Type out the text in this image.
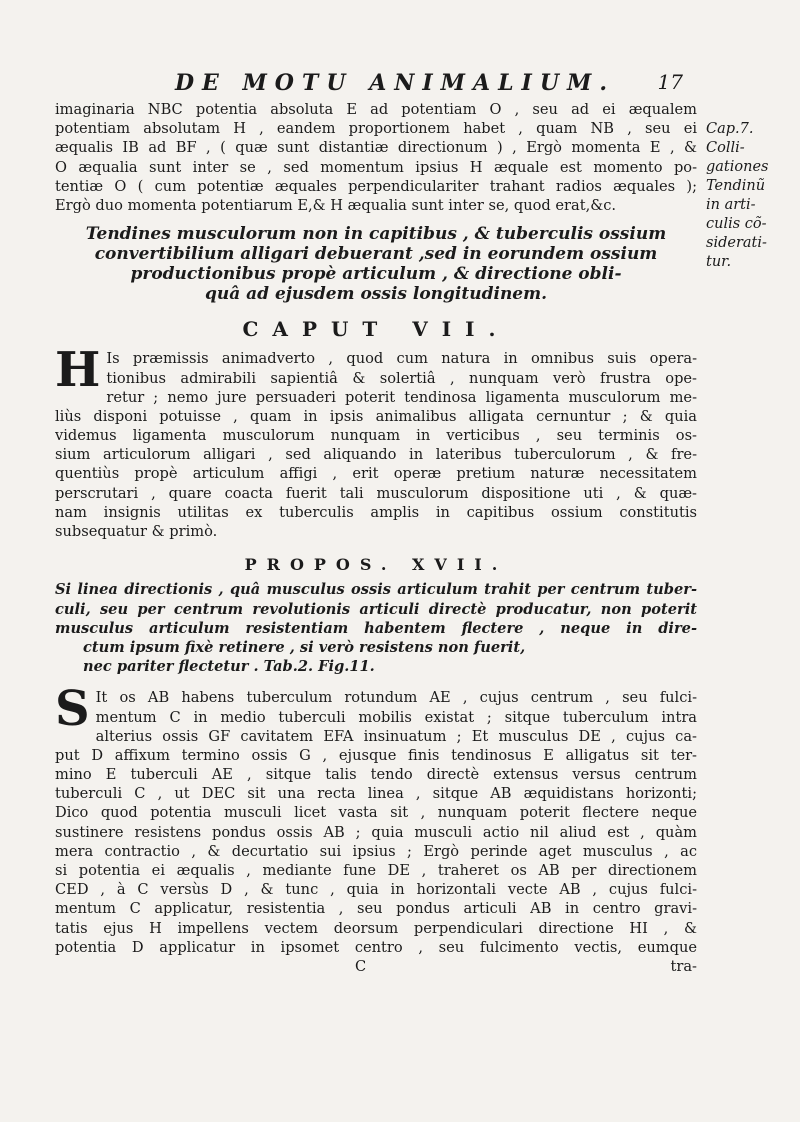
DE MOTU ANIMALIUM.	17
Cap.7.
Colli-
gationes
Tendinũ
in arti-
culis cõ-
siderati-
tur.
imaginaria NBC potentia absoluta E ad potentiam O , seu ad ei æqualem
potentiam absolutam H , eandem proportionem habet , quam NB , seu ei
æqualis IB ad BF , ( quæ sunt distantiæ directionum ) , Ergò momenta E , &
O æqualia sunt inter se , sed momentum ipsius H æquale est momento po-
tentiæ O ( cum potentiæ æquales perpendiculariter trahant radios æquales );
Ergò duo momenta potentiarum E,& H æqualia sunt inter se, quod erat,&c.
Tendines musculorum non in capitibus , & tuberculis ossium
convertibilium alligari debuerant ,sed in eorundem ossium
productionibus propè articulum , & directione obli-
quâ ad ejusdem ossis longitudinem.
CAPUT VII.
H Is præmissis animadverto , quod cum natura in omnibus suis opera-
tionibus admirabili sapientiâ & solertiâ , nunquam verò frustra ope-
retur ; nemo jure persuaderi poterit tendinosa ligamenta musculorum me-
liùs disponi potuisse , quam in ipsis animalibus alligata cernuntur ; & quia
videmus ligamenta musculorum nunquam in verticibus , seu terminis os-
sium articulorum alligari , sed aliquando in lateribus tuberculorum , & fre-
quentiùs propè articulum affigi , erit operæ pretium naturæ necessitatem
perscrutari , quare coacta fuerit tali musculorum dispositione uti , & quæ-
nam insignis utilitas ex tuberculis amplis in capitibus ossium constitutis
subsequatur & primò.
PROPOS. XVII.
Si linea directionis , quâ musculus ossis articulum trahit per centrum tuber-
culi, seu per centrum revolutionis articuli directè producatur, non poterit
musculus articulum resistentiam habentem flectere , neque in dire-
ctum ipsum fixè retinere , si verò resistens non fuerit,
nec pariter flectetur . Tab.2. Fig.11.
S It os AB habens tuberculum rotundum AE , cujus centrum , seu fulci-
mentum C in medio tuberculi mobilis existat ; sitque tuberculum intra
alterius ossis GF cavitatem EFA insinuatum ; Et musculus DE , cujus ca-
put D affixum termino ossis G , ejusque finis tendinosus E alligatus sit ter-
mino E tuberculi AE , sitque talis tendo directè extensus versus centrum
tuberculi C , ut DEC sit una recta linea , sitque AB æquidistans horizonti;
Dico quod potentia musculi licet vasta sit , nunquam poterit flectere neque
sustinere resistens pondus ossis AB ; quia musculi actio nil aliud est , quàm
mera contractio , & decurtatio sui ipsius ; Ergò perinde aget musculus , ac
si potentia ei æqualis , mediante fune DE , traheret os AB per directionem
CED , à C versùs D , & tunc , quia in horizontali vecte AB , cujus fulci-
mentum C applicatur, resistentia , seu pondus articuli AB in centro gravi-
tatis ejus H impellens vectem deorsum perpendiculari directione HI , &
potentia D applicatur in ipsomet centro , seu fulcimento vectis, eumque
C	tra-
